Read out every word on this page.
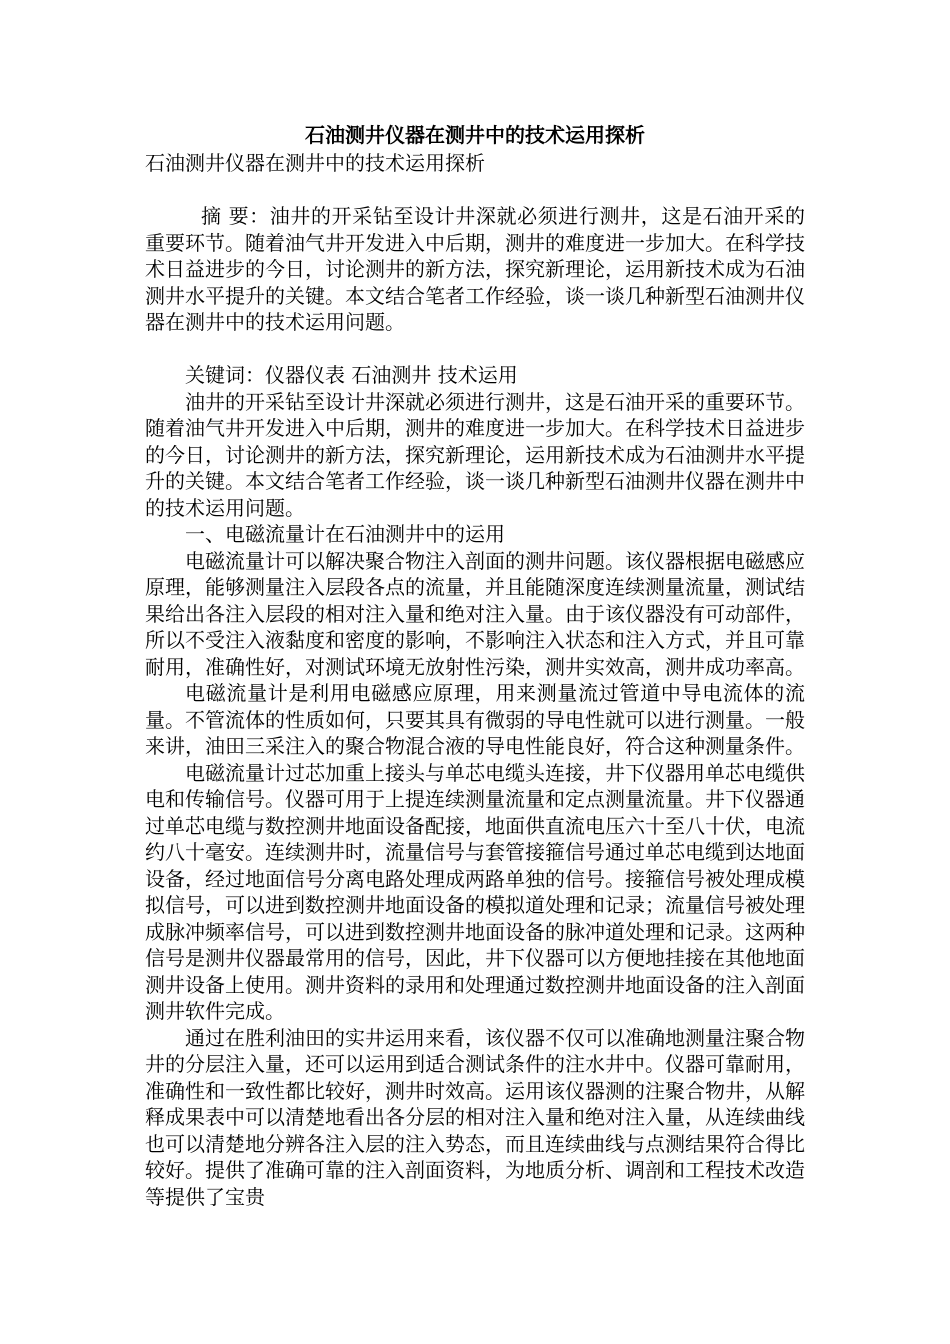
石油测井仪器在测井中的技术运用探析
石油测井仪器在测井中的技术运用探析

摘 要：油井的开采钻至设计井深就必须进行测井，这是石油开采的重要环节。随着油气井开发进入中后期，测井的难度进一步加大。在科学技术日益进步的今日，讨论测井的新方法，探究新理论，运用新技术成为石油测井水平提升的关键。本文结合笔者工作经验，谈一谈几种新型石油测井仪器在测井中的技术运用问题。

关键词：仪器仪表 石油测井 技术运用

油井的开采钻至设计井深就必须进行测井，这是石油开采的重要环节。随着油气井开发进入中后期，测井的难度进一步加大。在科学技术日益进步的今日，讨论测井的新方法，探究新理论，运用新技术成为石油测井水平提升的关键。本文结合笔者工作经验，谈一谈几种新型石油测井仪器在测井中的技术运用问题。

一、电磁流量计在石油测井中的运用

电磁流量计可以解决聚合物注入剖面的测井问题。该仪器根据电磁感应原理，能够测量注入层段各点的流量，并且能随深度连续测量流量，测试结果给出各注入层段的相对注入量和绝对注入量。由于该仪器没有可动部件，所以不受注入液黏度和密度的影响，不影响注入状态和注入方式，并且可靠耐用，准确性好，对测试环境无放射性污染，测井实效高，测井成功率高。

电磁流量计是利用电磁感应原理，用来测量流过管道中导电流体的流量。不管流体的性质如何，只要其具有微弱的导电性就可以进行测量。一般来讲，油田三采注入的聚合物混合液的导电性能良好，符合这种测量条件。

电磁流量计过芯加重上接头与单芯电缆头连接，井下仪器用单芯电缆供电和传输信号。仪器可用于上提连续测量流量和定点测量流量。井下仪器通过单芯电缆与数控测井地面设备配接，地面供直流电压六十至八十伏，电流约八十毫安。连续测井时，流量信号与套管接箍信号通过单芯电缆到达地面设备，经过地面信号分离电路处理成两路单独的信号。接箍信号被处理成模拟信号，可以进到数控测井地面设备的模拟道处理和记录；流量信号被处理成脉冲频率信号，可以进到数控测井地面设备的脉冲道处理和记录。这两种信号是测井仪器最常用的信号，因此，井下仪器可以方便地挂接在其他地面测井设备上使用。测井资料的录用和处理通过数控测井地面设备的注入剖面测井软件完成。

通过在胜利油田的实井运用来看，该仪器不仅可以准确地测量注聚合物井的分层注入量，还可以运用到适合测试条件的注水井中。仪器可靠耐用，准确性和一致性都比较好，测井时效高。运用该仪器测的注聚合物井，从解释成果表中可以清楚地看出各分层的相对注入量和绝对注入量，从连续曲线也可以清楚地分辨各注入层的注入势态，而且连续曲线与点测结果符合得比较好。提供了准确可靠的注入剖面资料，为地质分析、调剖和工程技术改造等提供了宝贵
